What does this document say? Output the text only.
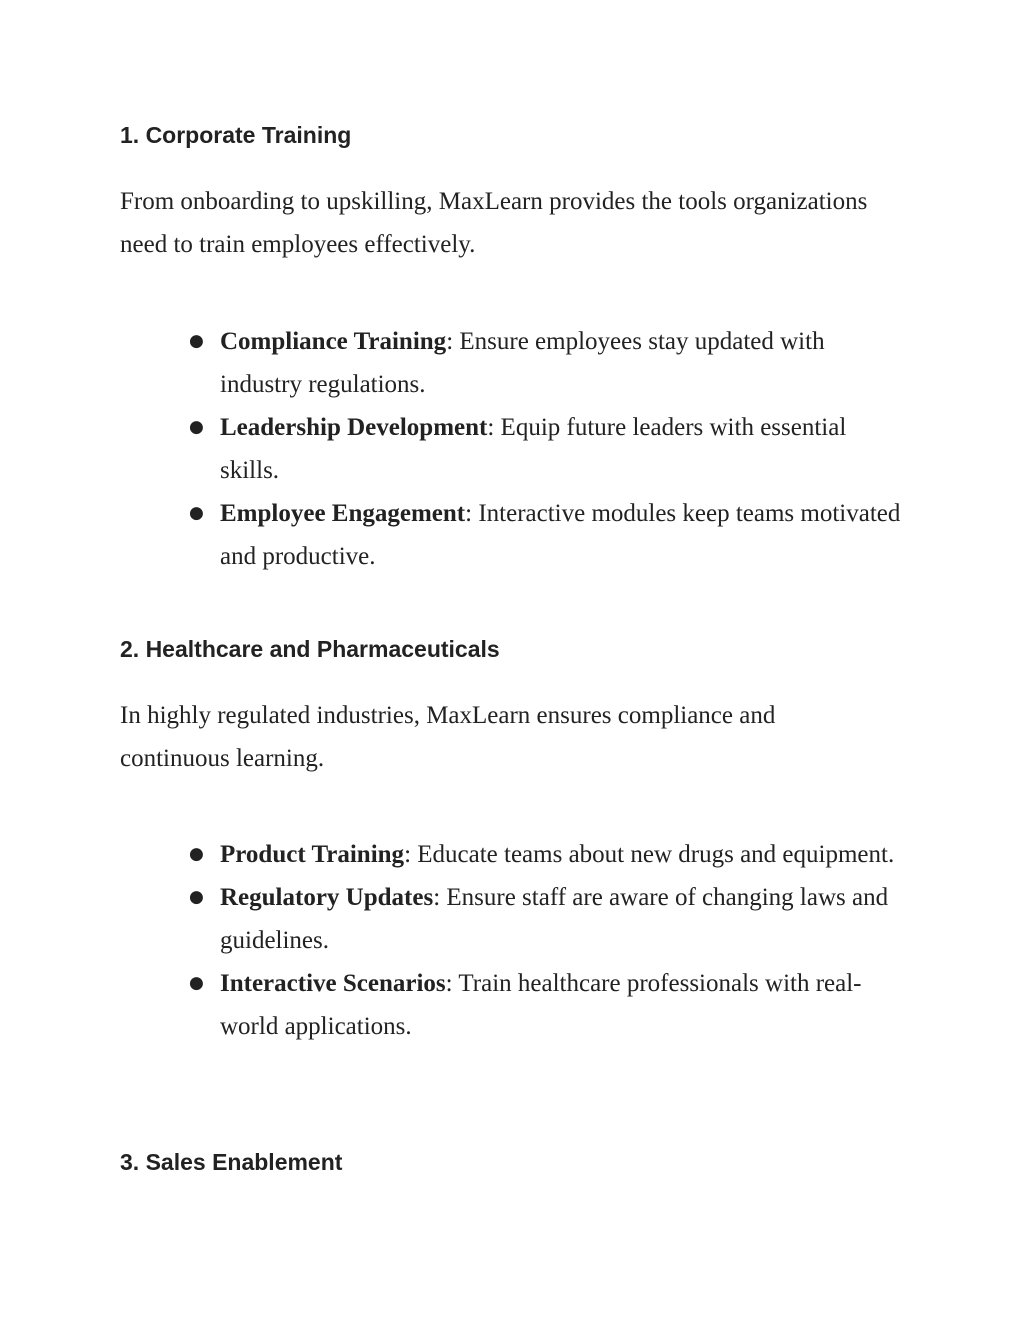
1. Corporate Training

From onboarding to upskilling, MaxLearn provides the tools organizations need to train employees effectively.

● Compliance Training: Ensure employees stay updated with industry regulations.
● Leadership Development: Equip future leaders with essential skills.
● Employee Engagement: Interactive modules keep teams motivated and productive.
2. Healthcare and Pharmaceuticals

In highly regulated industries, MaxLearn ensures compliance and continuous learning.

● Product Training: Educate teams about new drugs and equipment.
● Regulatory Updates: Ensure staff are aware of changing laws and guidelines.
● Interactive Scenarios: Train healthcare professionals with real-world applications.
3. Sales Enablement
